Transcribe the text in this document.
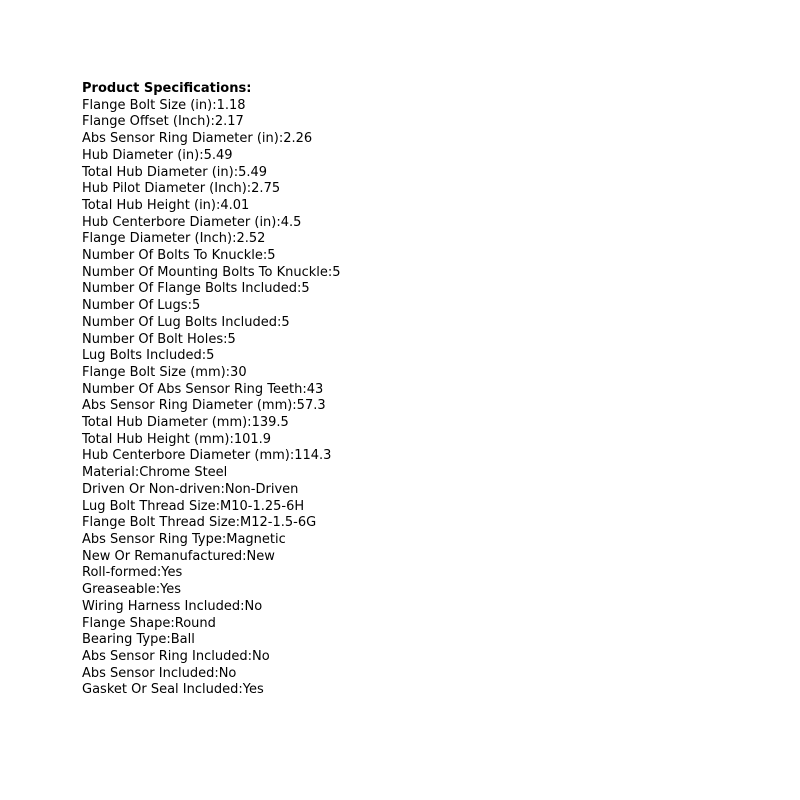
Product Specifications:
Flange Bolt Size (in):1.18
Flange Offset (Inch):2.17
Abs Sensor Ring Diameter (in):2.26
Hub Diameter (in):5.49
Total Hub Diameter (in):5.49
Hub Pilot Diameter (Inch):2.75
Total Hub Height (in):4.01
Hub Centerbore Diameter (in):4.5
Flange Diameter (Inch):2.52
Number Of Bolts To Knuckle:5
Number Of Mounting Bolts To Knuckle:5
Number Of Flange Bolts Included:5
Number Of Lugs:5
Number Of Lug Bolts Included:5
Number Of Bolt Holes:5
Lug Bolts Included:5
Flange Bolt Size (mm):30
Number Of Abs Sensor Ring Teeth:43
Abs Sensor Ring Diameter (mm):57.3
Total Hub Diameter (mm):139.5
Total Hub Height (mm):101.9
Hub Centerbore Diameter (mm):114.3
Material:Chrome Steel
Driven Or Non-driven:Non-Driven
Lug Bolt Thread Size:M10-1.25-6H
Flange Bolt Thread Size:M12-1.5-6G
Abs Sensor Ring Type:Magnetic
New Or Remanufactured:New
Roll-formed:Yes
Greaseable:Yes
Wiring Harness Included:No
Flange Shape:Round
Bearing Type:Ball
Abs Sensor Ring Included:No
Abs Sensor Included:No
Gasket Or Seal Included:Yes
